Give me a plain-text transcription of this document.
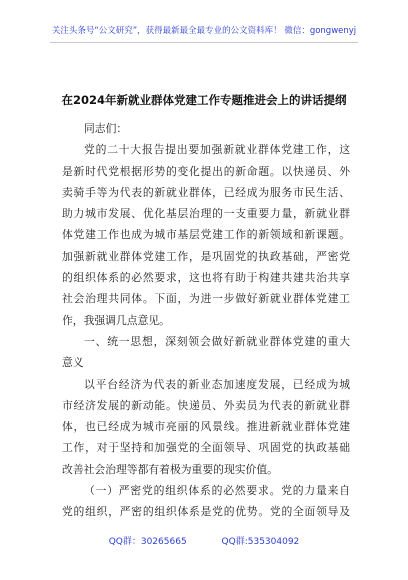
关注头条号“公文研究”，获得最新最全最专业的公文资料库！ 微信：gongwenyj
在2024年新就业群体党建工作专题推进会上的讲话提纲
同志们：
党的二十大报告提出要加强新就业群体党建工作，这
是新时代党根据形势的变化提出的新命题。以快递员、外
卖骑手等为代表的新就业群体，已经成为服务市民生活、
助力城市发展、优化基层治理的一支重要力量，新就业群
体党建工作也成为城市基层党建工作的新领域和新课题。
加强新就业群体党建工作，是巩固党的执政基础，严密党
的组织体系的必然要求，这也将有助于构建共建共治共享
社会治理共同体。下面，为进一步做好新就业群体党建工
作，我强调几点意见。
一、统一思想，深刻领会做好新就业群体党建的重大
意义
以平台经济为代表的新业态加速度发展，已经成为城
市经济发展的新动能。快递员、外卖员为代表的新就业群
体，也已经成为城市亮丽的风景线。推进新就业群体党建
工作，对于坚持和加强党的全面领导、巩固党的执政基础
改善社会治理等都有着极为重要的现实价值。
（一）严密党的组织体系的必然要求。党的力量来自
党的组织，严密的组织体系是党的优势。党的全面领导及
QQ群：30265665	QQ群:535304092
